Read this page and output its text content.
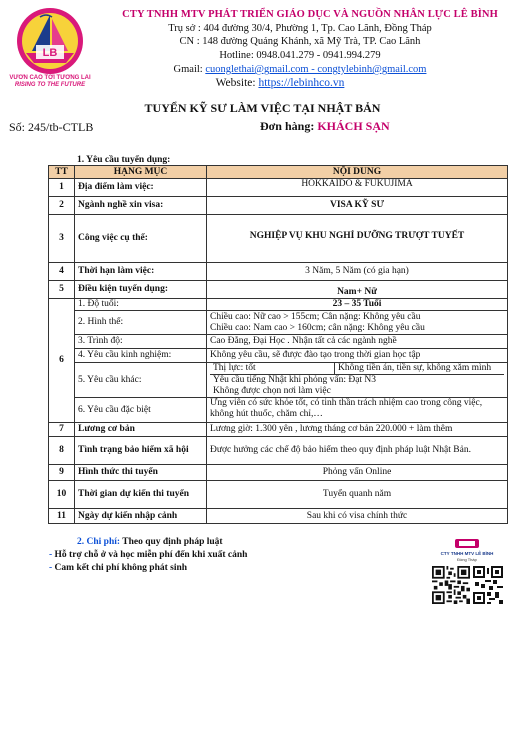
LB
VƯƠN CAO TỚI TƯƠNG LAI
RISING TO THE FUTURE
CTY TNHH MTV PHÁT TRIỂN GIÁO DỤC VÀ NGUỒN NHÂN LỰC LÊ BÌNH
Trụ sở : 404 đường 30/4, Phường 1, Tp. Cao Lãnh, Đồng Tháp
CN : 148 đường Quảng Khánh, xã Mỹ Trà, TP. Cao Lãnh
Hotline: 0948.041.279 - 0941.994.279
Gmail: cuonglethai@gmail.com - congtylebinh@gmail.com
Website: https://lebinhco.vn
TUYỂN KỸ SƯ LÀM VIỆC TẠI NHẬT BẢN
Số: 245/tb-CTLB	Đơn hàng: KHÁCH SẠN
1. Yêu cầu tuyển dụng:
TT	HẠNG MỤC	NỘI DUNG
1	Địa điểm làm việc:	HOKKAIDO & FUKUJIMA
2	Ngành nghề xin visa:	VISA KỸ SƯ
3	Công việc cụ thể:	NGHIỆP VỤ KHU NGHỈ DƯỠNG TRƯỢT TUYẾT
4	Thời hạn làm việc:	3 Năm, 5 Năm (có gia hạn)
5	Điều kiện tuyển dụng:	Nam+ Nữ
6	1. Độ tuổi:	23 – 35 Tuổi
	2. Hình thể:	Chiều cao: Nữ cao > 155cm; Cân nặng: Không yêu cầu
Chiều cao: Nam cao > 160cm; cân nặng: Không yêu cầu

	3. Trình độ:	Cao Đẳng, Đại Học . Nhận tất cả các ngành nghề
	4. Yêu cầu kinh nghiệm:	Không yêu cầu, sẽ được đào tạo trong thời gian học tập
	5. Yêu cầu khác:	Thị lực: tốt Không tiền án, tiền sự, không xăm mình
Yêu cầu tiếng Nhật khi phỏng vấn: Đạt N3
Không được chọn nơi làm việc

	6. Yêu cầu đặc biệt	Ứng viên có sức khỏe tốt, có tinh thần trách nhiệm cao trong công việc, không hút thuốc, chăm chỉ,…

7	Lương cơ bản	Lương giờ: 1.300 yên , lương tháng cơ bản 220.000 + làm thêm
8	Tình trạng bảo hiểm xã hội	Được hưởng các chế độ bảo hiểm theo quy định pháp luật Nhật Bản.
9	Hình thức thi tuyển	Phỏng vấn Online
10	Thời gian dự kiến thi tuyển	Tuyển quanh năm
11	Ngày dự kiến nhập cảnh	Sau khi có visa chính thức
2. Chi phí: Theo quy định pháp luật
- Hỗ trợ chỗ ở và học miễn phí đến khi xuất cảnh
- Cam kết chi phí không phát sinh
CTY TNHH MTV LÊ BÌNH
Đồng Tháp
